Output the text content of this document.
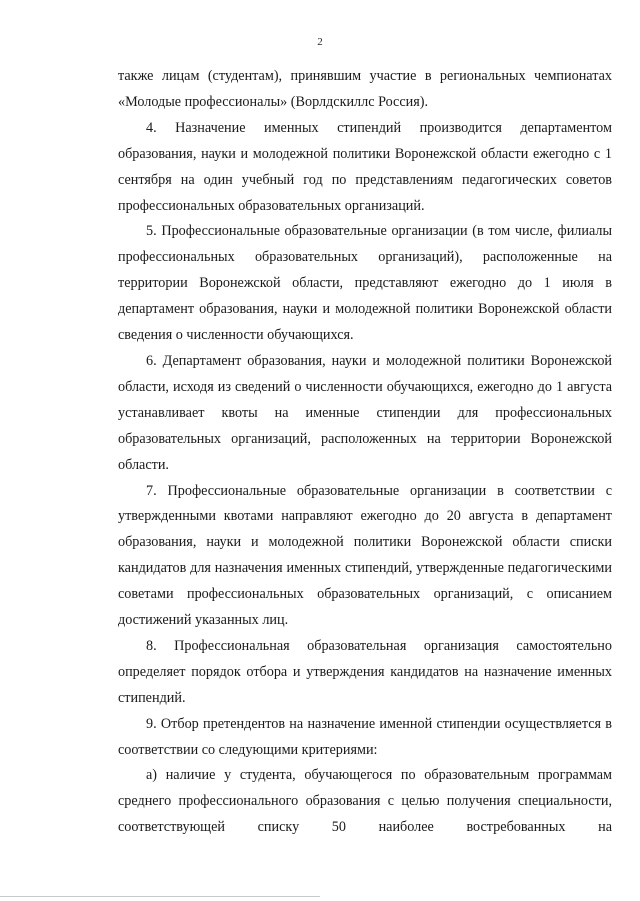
2

также лицам (студентам), принявшим участие в региональных чемпионатах «Молодые профессионалы» (Ворлдскиллс Россия).

4. Назначение именных стипендий производится департаментом образования, науки и молодежной политики Воронежской области ежегодно с 1 сентября на один учебный год по представлениям педагогических советов профессиональных образовательных организаций.

5. Профессиональные образовательные организации (в том числе, филиалы профессиональных образовательных организаций), расположенные на территории Воронежской области, представляют ежегодно до 1 июля в департамент образования, науки и молодежной политики Воронежской области сведения о численности обучающихся.

6. Департамент образования, науки и молодежной политики Воронежской области, исходя из сведений о численности обучающихся, ежегодно до 1 августа устанавливает квоты на именные стипендии для профессиональных образовательных организаций, расположенных на территории Воронежской области.

7. Профессиональные образовательные организации в соответствии с утвержденными квотами направляют ежегодно до 20 августа в департамент образования, науки и молодежной политики Воронежской области списки кандидатов для назначения именных стипендий, утвержденные педагогическими советами профессиональных образовательных организаций, с описанием достижений указанных лиц.

8. Профессиональная образовательная организация самостоятельно определяет порядок отбора и утверждения кандидатов на назначение именных стипендий.

9. Отбор претендентов на назначение именной стипендии осуществляется в соответствии со следующими критериями:

а) наличие у студента, обучающегося по образовательным программам среднего профессионального образования с целью получения специальности, соответствующей списку 50 наиболее востребованных на
